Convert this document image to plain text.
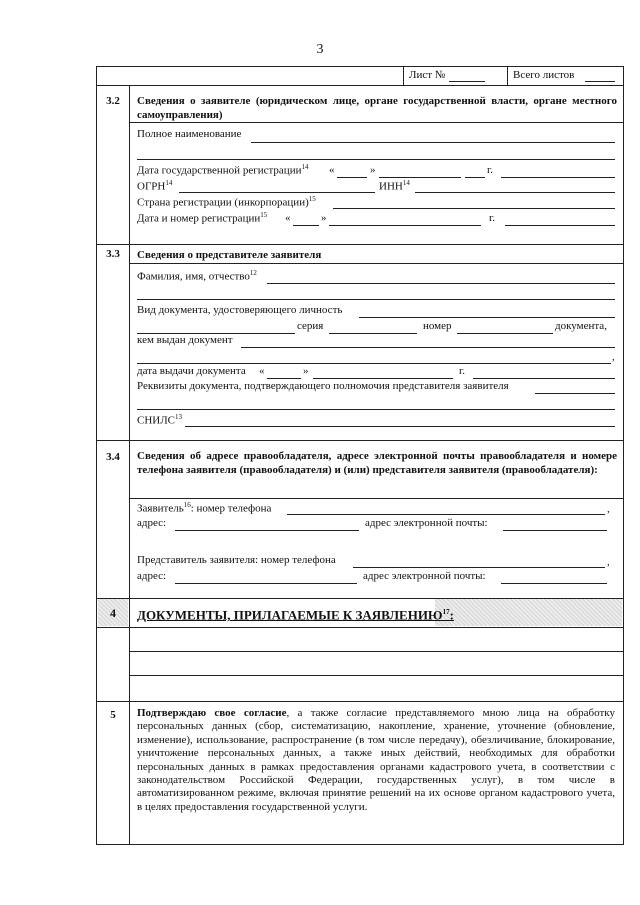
3
Лист №	Всего листов
3.2	Сведения о заявителе (юридическом лице, органе государственной власти, органе местного самоуправления)
Полное наименование
Дата государственной регистрации$^{14}$ «	»	г.
ОГРН$^{14}$	ИНН$^{14}$
Страна регистрации (инкорпорации)$^{15}$
Дата и номер регистрации$^{15}$ «	»	г.
3.3	Сведения о представителе заявителя
Фамилия, имя, отчество$^{12}$
Вид документа, удостоверяющего личность
серия	номер	документа,
кем выдан документ
,
дата выдачи документа «	»	г.
Реквизиты документа, подтверждающего полномочия представителя заявителя
СНИЛС$^{13}$
3.4	Сведения об адресе правообладателя, адресе электронной почты правообладателя и номере телефона заявителя (правообладателя) и (или) представителя заявителя (правообладателя):
Заявитель$^{16}$: номер телефона	,
адрес:	адрес электронной почты:
Представитель заявителя: номер телефона	,
адрес:	адрес электронной почты:
4	ДОКУМЕНТЫ, ПРИЛАГАЕМЫЕ К ЗАЯВЛЕНИЮ$^{17}$:
5	Подтверждаю свое согласие, а также согласие представляемого мною лица на обработку персональных данных (сбор, систематизацию, накопление, хранение, уточнение (обновление, изменение), использование, распространение (в том числе передачу), обезличивание, блокирование, уничтожение персональных данных, а также иных действий, необходимых для обработки персональных данных в рамках предоставления органами кадастрового учета, в соответствии с законодательством Российской Федерации, государственных услуг), в том числе в автоматизированном режиме, включая принятие решений на их основе органом кадастрового учета, в целях предоставления государственной услуги.
